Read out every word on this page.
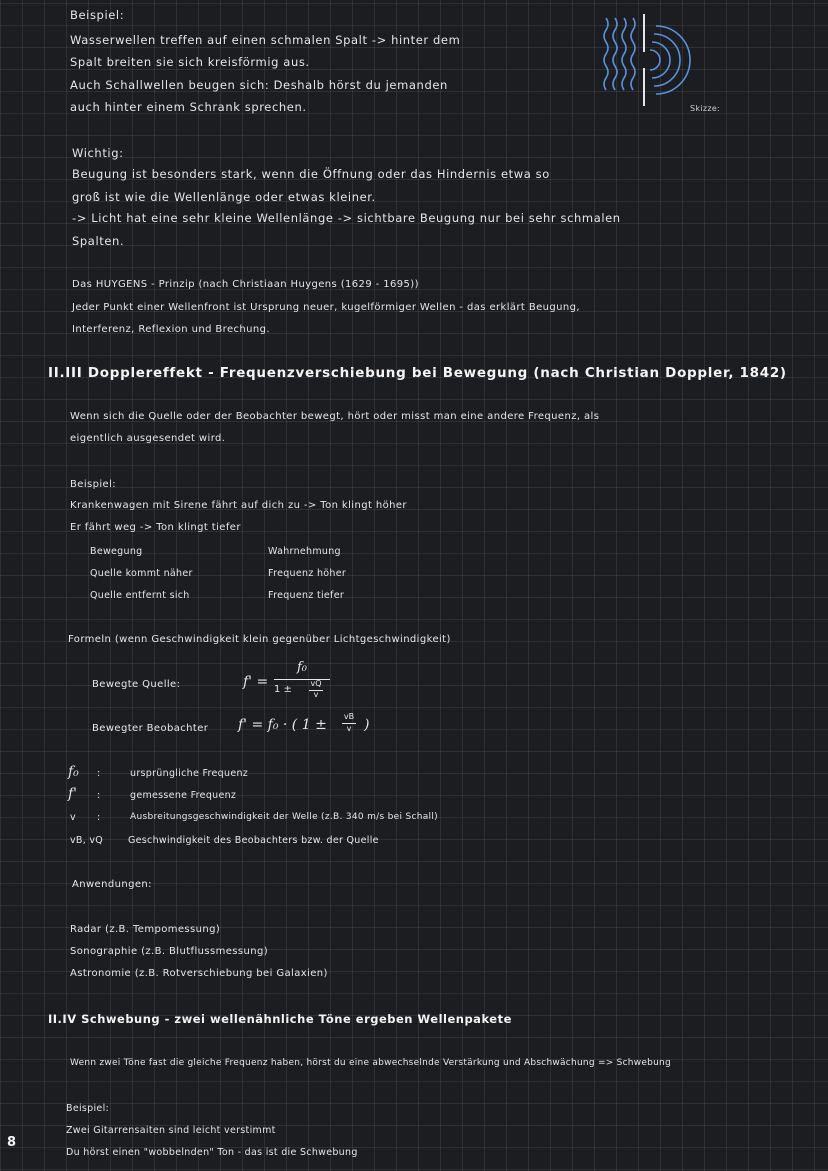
Beispiel:
Wasserwellen treffen auf einen schmalen Spalt -> hinter dem
Spalt breiten sie sich kreisförmig aus.
Auch Schallwellen beugen sich: Deshalb hörst du jemanden
auch hinter einem Schrank sprechen.	Skizze:
Wichtig:
Beugung ist besonders stark, wenn die Öffnung oder das Hindernis etwa so
groß ist wie die Wellenlänge oder etwas kleiner.
-> Licht hat eine sehr kleine Wellenlänge -> sichtbare Beugung nur bei sehr schmalen
Spalten.
Das HUYGENS - Prinzip (nach Christiaan Huygens (1629 - 1695))
Jeder Punkt einer Wellenfront ist Ursprung neuer, kugelförmiger Wellen - das erklärt Beugung,
Interferenz, Reflexion und Brechung.
II.III Dopplereffekt - Frequenzverschiebung bei Bewegung (nach Christian Doppler, 1842)
Wenn sich die Quelle oder der Beobachter bewegt, hört oder misst man eine andere Frequenz, als
eigentlich ausgesendet wird.
Beispiel:
Krankenwagen mit Sirene fährt auf dich zu -> Ton klingt höher
Er fährt weg -> Ton klingt tiefer
Bewegung	Wahrnehmung
Quelle kommt näher	Frequenz höher
Quelle entfernt sich	Frequenz tiefer
Formeln (wenn Geschwindigkeit klein gegenüber Lichtgeschwindigkeit)
Bewegte Quelle:	f' =
f₀
1 ±
vQ
v
Bewegter Beobachter f' = f₀ · ( 1 ±
vB
v )
f₀ :	ursprüngliche Frequenz
f' :	gemessene Frequenz
v :	Ausbreitungsgeschwindigkeit der Welle (z.B. 340 m/s bei Schall)
vB, vQ	Geschwindigkeit des Beobachters bzw. der Quelle
Anwendungen:
Radar (z.B. Tempomessung)
Sonographie (z.B. Blutflussmessung)
Astronomie (z.B. Rotverschiebung bei Galaxien)
II.IV Schwebung - zwei wellenähnliche Töne ergeben Wellenpakete
Wenn zwei Töne fast die gleiche Frequenz haben, hörst du eine abwechselnde Verstärkung und Abschwächung => Schwebung
Beispiel:
Zwei Gitarrensaiten sind leicht verstimmt
Du hörst einen "wobbelnden" Ton - das ist die Schwebung
8
